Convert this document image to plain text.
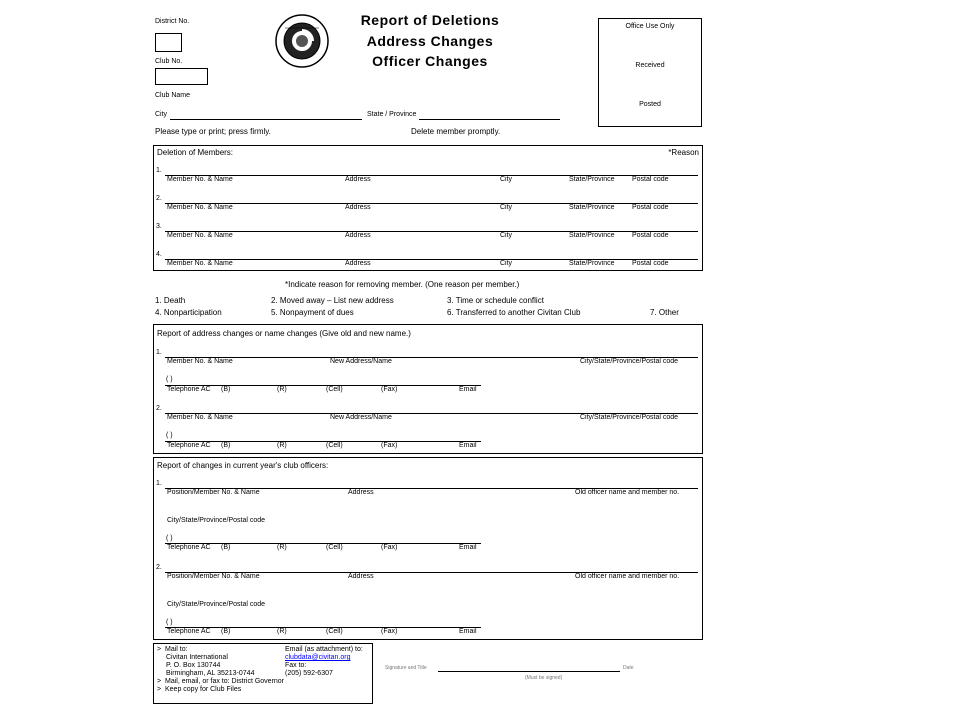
District No.
Club No.
Club Name
City	State / Province
Please type or print; press firmly.	Delete member promptly.
Report of Deletions
Address Changes
Officer Changes
Office Use Only
Received
Posted
Deletion of Members:	*Reason
1.
Member No. & Name	Address	City	State/Province Postal code
2.
Member No. & Name	Address	City	State/Province Postal code
3.
Member No. & Name	Address	City	State/Province Postal code
4.
Member No. & Name	Address	City	State/Province Postal code
*Indicate reason for removing member. (One reason per member.)
1. Death	2. Moved away – List new address	3. Time or schedule conflict
4. Nonparticipation	5. Nonpayment of dues	6. Transferred to another Civitan Club	7. Other
Report of address changes or name changes (Give old and new name.)
1.
Member No. & Name	New Address/Name	City/State/Province/Postal code
( )
Telephone AC (B)	(R)	(Cell)	(Fax)	Email
2.
Member No. & Name	New Address/Name	City/State/Province/Postal code
( )
Telephone AC (B)	(R)	(Cell)	(Fax)	Email
Report of changes in current year's club officers:
1.
Position/Member No. & Name	Address	Old officer name and member no.
City/State/Province/Postal code
( )
Telephone AC (B)	(R)	(Cell)	(Fax)	Email
2.
Position/Member No. & Name	Address	Old officer name and member no.
City/State/Province/Postal code
( )
Telephone AC (B)	(R)	(Cell)	(Fax)	Email
>  Mail to:
Civitan International
P. O. Box 130744
Birmingham, AL 35213-0744
>  Mail, email, or fax to: District Governor
>  Keep copy for Club Files
Email (as attachment) to:
clubdata@civitan.org
Fax to:
(205) 592-6307
Signature and Title	Date
(Must be signed)
